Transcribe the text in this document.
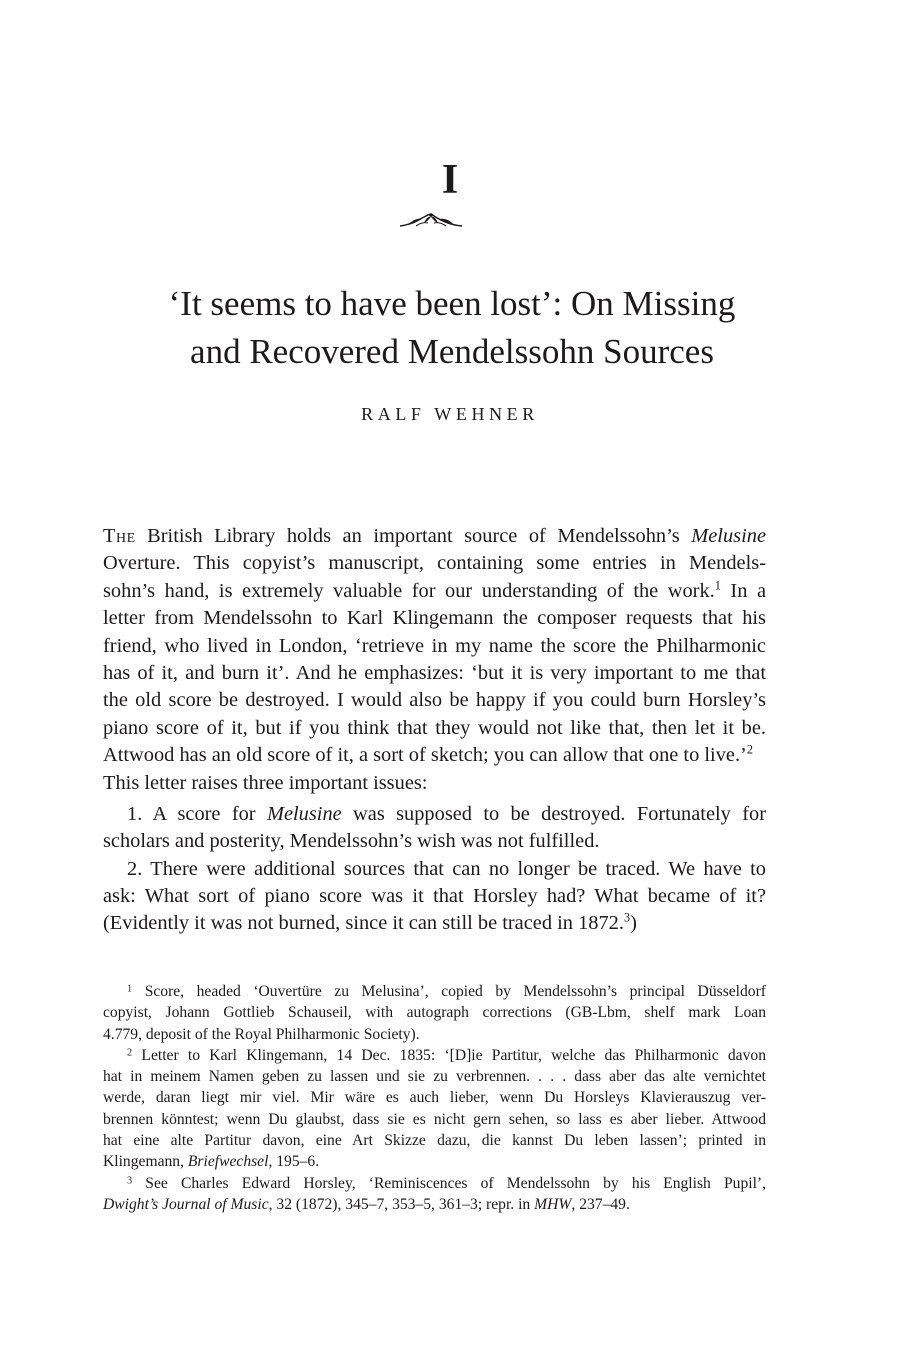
I
‘It seems to have been lost’: On Missing
and Recovered Mendelssohn Sources
RALF WEHNER
The British Library holds an important source of Mendelssohn’s Melusine
Overture. This copyist’s manuscript, containing some entries in Mendels-
sohn’s hand, is extremely valuable for our understanding of the work.$^1$ In a
letter from Mendelssohn to Karl Klingemann the composer requests that his
friend, who lived in London, ‘retrieve in my name the score the Philharmonic
has of it, and burn it’. And he emphasizes: ‘but it is very important to me that
the old score be destroyed. I would also be happy if you could burn Horsley’s
piano score of it, but if you think that they would not like that, then let it be.
Attwood has an old score of it, a sort of sketch; you can allow that one to live.’$^2$
This letter raises three important issues:
1. A score for Melusine was supposed to be destroyed. Fortunately for
scholars and posterity, Mendelssohn’s wish was not fulfilled.
2. There were additional sources that can no longer be traced. We have to
ask: What sort of piano score was it that Horsley had? What became of it?
(Evidently it was not burned, since it can still be traced in 1872.$^3$)
$^1$ Score, headed ‘Ouvertüre zu Melusina’, copied by Mendelssohn’s principal Düsseldorf
copyist, Johann Gottlieb Schauseil, with autograph corrections (GB-Lbm, shelf mark Loan
4.779, deposit of the Royal Philharmonic Society).
$^2$ Letter to Karl Klingemann, 14 Dec. 1835: ‘[D]ie Partitur, welche das Philharmonic davon
hat in meinem Namen geben zu lassen und sie zu verbrennen. . . . dass aber das alte vernichtet
werde, daran liegt mir viel. Mir wäre es auch lieber, wenn Du Horsleys Klavierauszug ver-
brennen könntest; wenn Du glaubst, dass sie es nicht gern sehen, so lass es aber lieber. Attwood
hat eine alte Partitur davon, eine Art Skizze dazu, die kannst Du leben lassen’; printed in
Klingemann, Briefwechsel, 195–6.
$^3$ See Charles Edward Horsley, ‘Reminiscences of Mendelssohn by his English Pupil’,
Dwight’s Journal of Music, 32 (1872), 345–7, 353–5, 361–3; repr. in MHW, 237–49.
